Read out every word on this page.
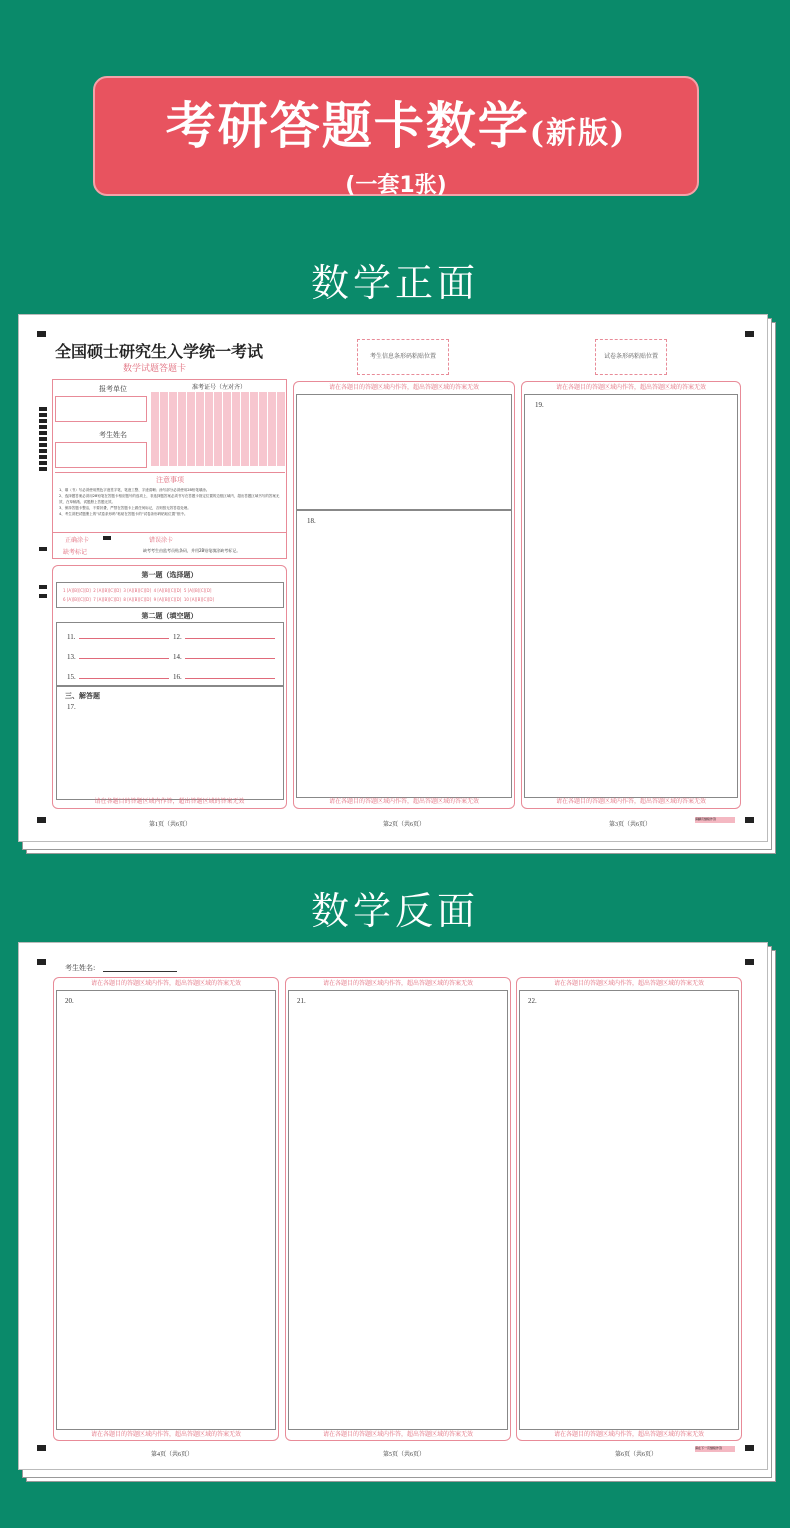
考研答题卡数学(新版)
(一套1张)
数学正面
全国硕士研究生入学统一考试
数学试题答题卡
报考单位
考生姓名
准考证号（左对齐）
注意事项
1、填（书）写必须使用黑色字迹签字笔，笔迹工整、字迹清晰；涂写部分必须使用2B铅笔填涂。
2、选择题答案必须用2B铅笔在答题卡相应题号的选项上，非选择题答案必须书写在答题卡指定位置的边框区域内，超出答题区域书写的答案无效，在草稿纸、试题册上答题无效。
3、保持答题卡整洁，不要折叠，严禁在答题卡上做任何标记，否则按无效答卷处理。
4、考生须把试题册上的“试卷条形码”粘贴在答题卡的“试卷条形码粘贴位置”框中。
正确涂卡	错误涂卡
缺考标记	缺考考生由监考员贴条码，并用2B铅笔填涂缺考标记。
第一题（选择题）
1 [A][B][C][D]  2 [A][B][C][D]  3 [A][B][C][D]  4 [A][B][C][D]  5 [A][B][C][D]
6 [A][B][C][D]  7 [A][B][C][D]  8 [A][B][C][D]  9 [A][B][C][D]  10 [A][B][C][D]
第二题（填空题）
11.	12.
13.	14.
15.	16.
三、解答题
17.
请在各题目的答题区域内作答，超出答题区域的答案无效
考生信息条形码粘贴位置
请在各题目的答题区域内作答，超出答题区域的答案无效
18.
请在各题目的答题区域内作答，超出答题区域的答案无效
试卷条形码粘贴位置
请在各题目的答题区域内作答，超出答题区域的答案无效
19.
请在各题目的答题区域内作答，超出答题区域的答案无效
第1页（共6页）	第2页（共6页）	第3页（共6页）
请翻页继续作答
数学反面
考生姓名:
请在各题目的答题区域内作答，超出答题区域的答案无效
20.
请在各题目的答题区域内作答，超出答题区域的答案无效
请在各题目的答题区域内作答，超出答题区域的答案无效
21.
请在各题目的答题区域内作答，超出答题区域的答案无效
请在各题目的答题区域内作答，超出答题区域的答案无效
22.
请在各题目的答题区域内作答，超出答题区域的答案无效
第4页（共6页）	第5页（共6页）	第6页（共6页）
请在下一页继续作答
